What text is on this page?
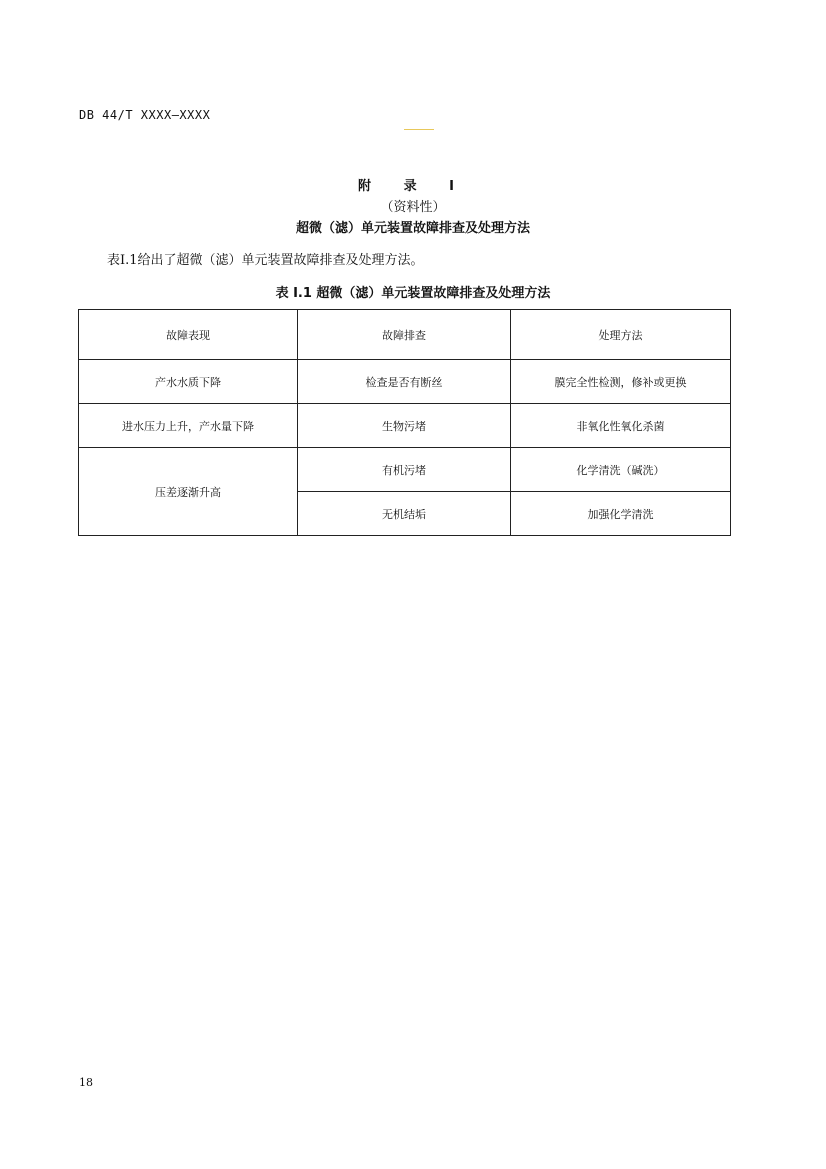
DB 44/T XXXX—XXXX
附 录 I
（资料性）
超微（滤）单元装置故障排查及处理方法
表I.1给出了超微（滤）单元装置故障排查及处理方法。
表 I.1 超微（滤）单元装置故障排查及处理方法
故障表现	故障排查	处理方法
产水水质下降	检查是否有断丝	膜完全性检测，修补或更换
进水压力上升，产水量下降	生物污堵	非氧化性氧化杀菌
压差逐渐升高	有机污堵	化学清洗（碱洗）
	无机结垢	加强化学清洗
18
